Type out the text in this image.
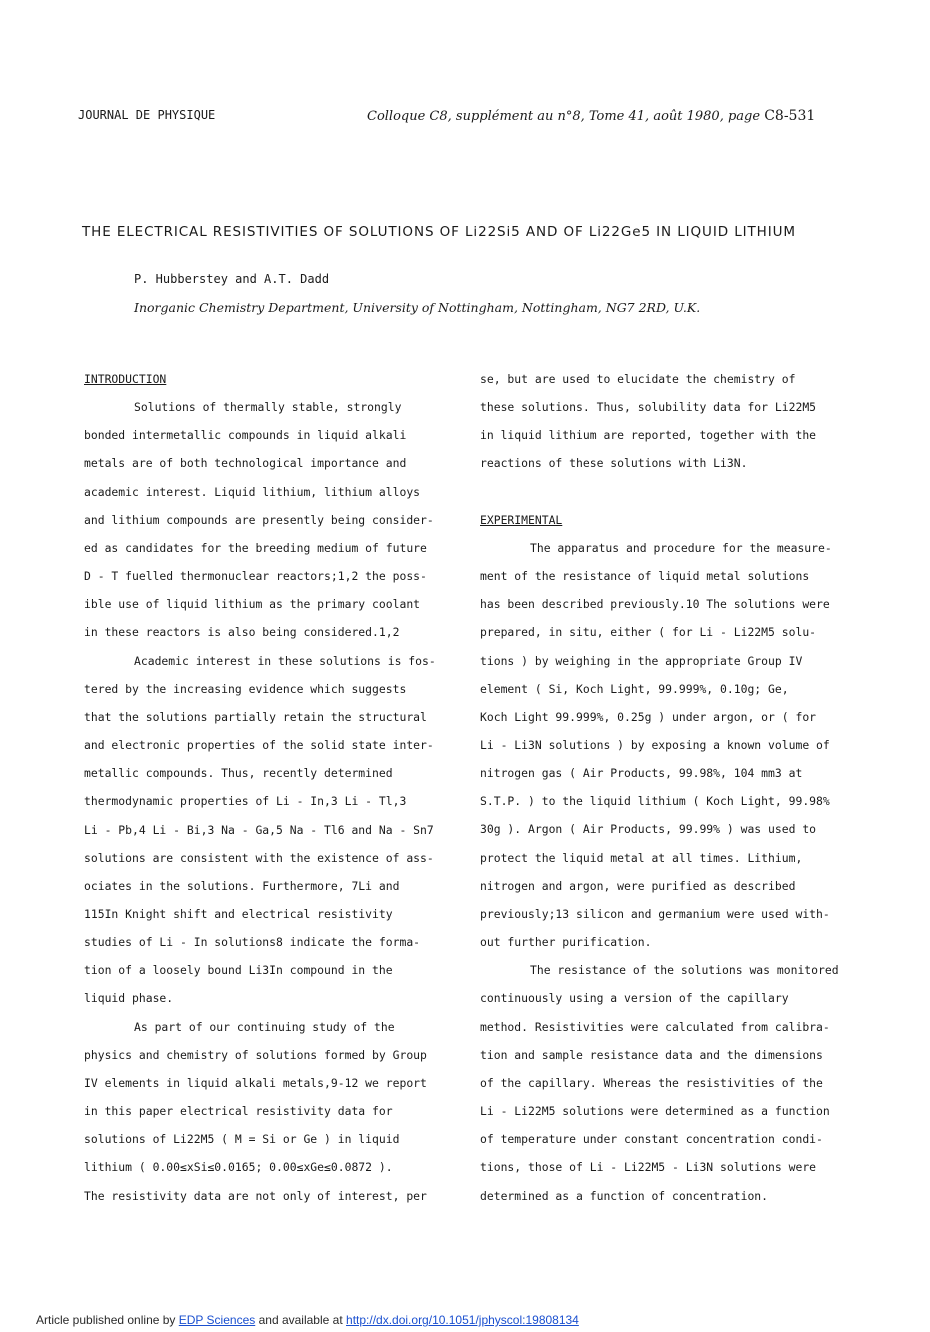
JOURNAL DE PHYSIQUE	Colloque C8, supplément au n°8, Tome 41, août 1980, page C8-531
THE ELECTRICAL RESISTIVITIES OF SOLUTIONS OF Li22Si5 AND OF Li22Ge5 IN LIQUID LITHIUM
P. Hubberstey and A.T. Dadd
Inorganic Chemistry Department, University of Nottingham, Nottingham, NG7 2RD, U.K.

INTRODUCTION

Solutions of thermally stable, strongly

bonded intermetallic compounds in liquid alkali

metals are of both technological importance and

academic interest. Liquid lithium, lithium alloys

and lithium compounds are presently being consider-

ed as candidates for the breeding medium of future

D - T fuelled thermonuclear reactors;1,2 the poss-

ible use of liquid lithium as the primary coolant

in these reactors is also being considered.1,2

Academic interest in these solutions is fos-

tered by the increasing evidence which suggests

that the solutions partially retain the structural

and electronic properties of the solid state inter-

metallic compounds. Thus, recently determined

thermodynamic properties of Li - In,3 Li - Tl,3

Li - Pb,4 Li - Bi,3 Na - Ga,5 Na - Tl6 and Na - Sn7

solutions are consistent with the existence of ass-

ociates in the solutions. Furthermore, 7Li and

115In Knight shift and electrical resistivity

studies of Li - In solutions8 indicate the forma-

tion of a loosely bound Li3In compound in the

liquid phase.

As part of our continuing study of the

physics and chemistry of solutions formed by Group

IV elements in liquid alkali metals,9-12 we report

in this paper electrical resistivity data for

solutions of Li22M5 ( M = Si or Ge ) in liquid

lithium ( 0.00≤xSi≤0.0165; 0.00≤xGe≤0.0872 ).

The resistivity data are not only of interest, per

se, but are used to elucidate the chemistry of

these solutions. Thus, solubility data for Li22M5

in liquid lithium are reported, together with the

reactions of these solutions with Li3N.

EXPERIMENTAL

The apparatus and procedure for the measure-

ment of the resistance of liquid metal solutions

has been described previously.10 The solutions were

prepared, in situ, either ( for Li - Li22M5 solu-

tions ) by weighing in the appropriate Group IV

element ( Si, Koch Light, 99.999%, 0.10g; Ge,

Koch Light 99.999%, 0.25g ) under argon, or ( for

Li - Li3N solutions ) by exposing a known volume of

nitrogen gas ( Air Products, 99.98%, 104 mm3 at

S.T.P. ) to the liquid lithium ( Koch Light, 99.98%

30g ). Argon ( Air Products, 99.99% ) was used to

protect the liquid metal at all times. Lithium,

nitrogen and argon, were purified as described

previously;13 silicon and germanium were used with-

out further purification.

The resistance of the solutions was monitored

continuously using a version of the capillary

method. Resistivities were calculated from calibra-

tion and sample resistance data and the dimensions

of the capillary. Whereas the resistivities of the

Li - Li22M5 solutions were determined as a function

of temperature under constant concentration condi-

tions, those of Li - Li22M5 - Li3N solutions were

determined as a function of concentration.

Article published online by EDP Sciences and available at http://dx.doi.org/10.1051/jphyscol:19808134
